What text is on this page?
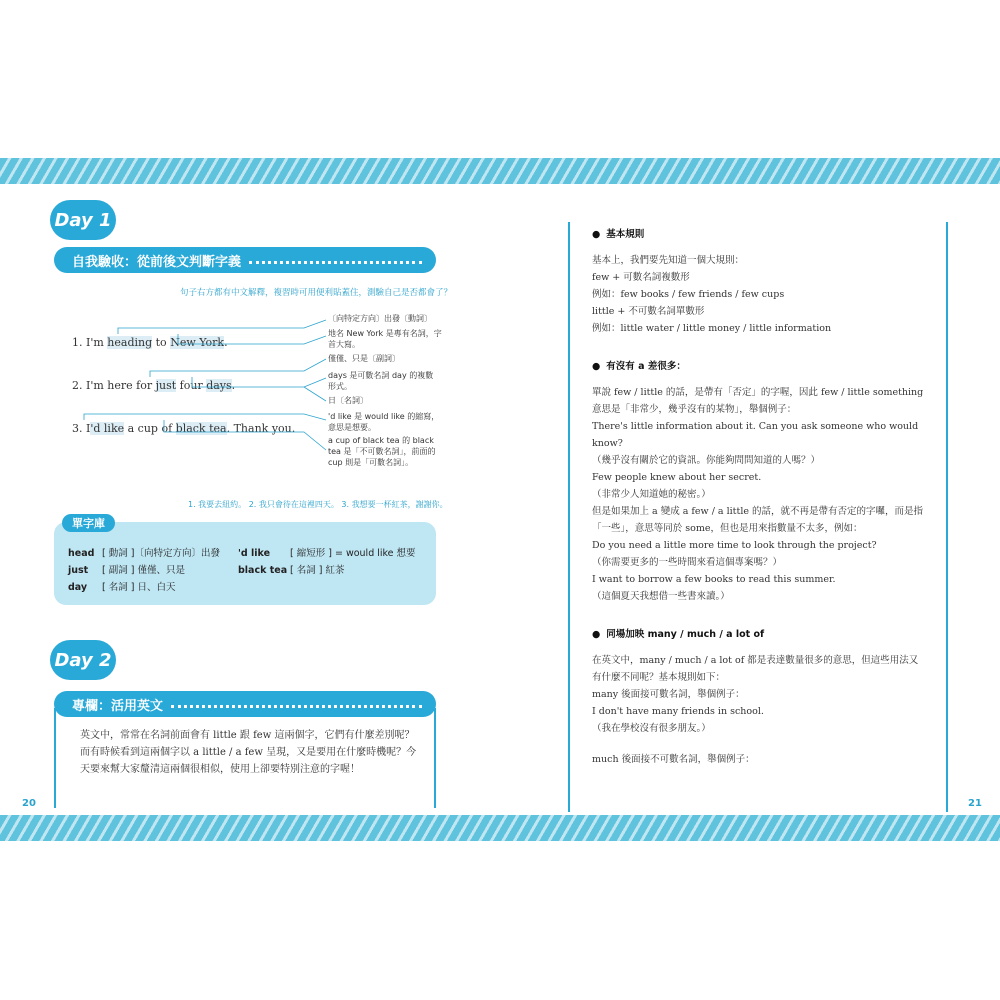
Day 1
自我驗收：從前後文判斷字義
句子右方都有中文解釋，複習時可用便利貼蓋住，測驗自己是否都會了？
1. I'm heading to New York.
2. I'm here for just four days.
3. I'd like a cup of black tea. Thank you.
〔向特定方向〕出發〔動詞〕
地名 New York 是專有名詞，字首大寫。
僅僅、只是〔副詞〕
days 是可數名詞 day 的複數形式。
日〔名詞〕
'd like 是 would like 的縮寫，意思是想要。
a cup of black tea 的 black tea 是「不可數名詞」，前面的 cup 則是「可數名詞」。
1. 我要去紐約。 2. 我只會待在這裡四天。 3. 我想要一杯紅茶，謝謝你。
單字庫
head [ 動詞 ]〔向特定方向〕出發
just [ 副詞 ] 僅僅、只是
day [ 名詞 ] 日、白天
'd like [ 縮短形 ] = would like 想要
black tea [ 名詞 ] 紅茶
Day 2
專欄：活用英文
英文中，常常在名詞前面會有 little 跟 few 這兩個字，它們有什麼差別呢？而有時候看到這兩個字以 a little / a few 呈現，又是要用在什麼時機呢？今天要來幫大家釐清這兩個很相似，使用上卻要特別注意的字喔！
20
● 基本規則
基本上，我們要先知道一個大規則：
few + 可數名詞複數形
例如：few books / few friends / few cups
little + 不可數名詞單數形
例如：little water / little money / little information
● 有沒有 a 差很多：
單說 few / little 的話，是帶有「否定」的字喔，因此 few / little something 意思是「非常少，幾乎沒有的某物」，舉個例子：
There's little information about it. Can you ask someone who would know?
（幾乎沒有關於它的資訊。你能夠問問知道的人嗎？）
Few people knew about her secret.
（非常少人知道她的秘密。）
但是如果加上 a 變成 a few / a little 的話，就不再是帶有否定的字囉，而是指「一些」，意思等同於 some，但也是用來指數量不太多，例如：
Do you need a little more time to look through the project?
（你需要更多的一些時間來看這個專案嗎？）
I want to borrow a few books to read this summer.
（這個夏天我想借一些書來讀。）
● 同場加映 many / much / a lot of
在英文中，many / much / a lot of 都是表達數量很多的意思，但這些用法又有什麼不同呢？基本規則如下：
many 後面接可數名詞，舉個例子：
I don't have many friends in school.
（我在學校沒有很多朋友。）
much 後面接不可數名詞，舉個例子：
21
